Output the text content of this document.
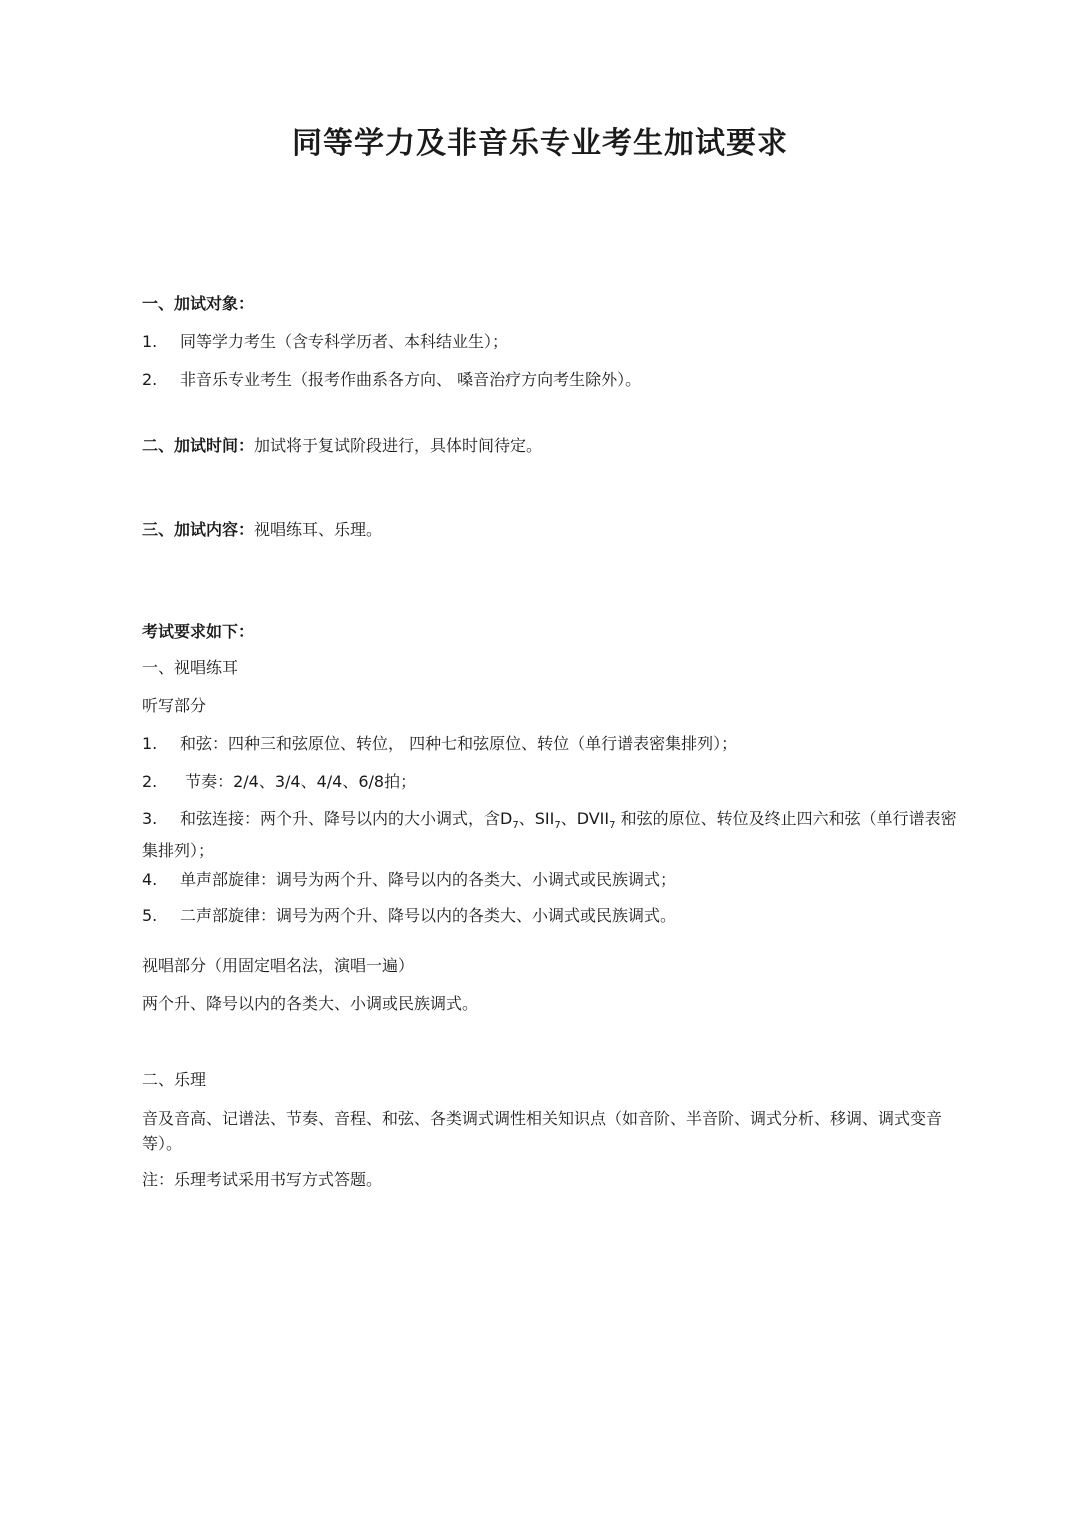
同等学力及非音乐专业考生加试要求
一、加试对象：
1. 同等学力考生（含专科学历者、本科结业生）；
2. 非音乐专业考生（报考作曲系各方向、 嗓音治疗方向考生除外）。
二、加试时间：加试将于复试阶段进行，具体时间待定。
三、加试内容：视唱练耳、乐理。
考试要求如下：
一、视唱练耳
听写部分
1. 和弦：四种三和弦原位、转位， 四种七和弦原位、转位（单行谱表密集排列）；
2. 节奏：2/4、3/4、4/4、6/8拍；
3. 和弦连接：两个升、降号以内的大小调式，含$D_7$、$SII_7$、$DVII_7$ 和弦的原位、转位及终止四六和弦（单行谱表密集排列）；
4. 单声部旋律：调号为两个升、降号以内的各类大、小调式或民族调式；
5. 二声部旋律：调号为两个升、降号以内的各类大、小调式或民族调式。
视唱部分（用固定唱名法，演唱一遍）
两个升、降号以内的各类大、小调或民族调式。
二、乐理
音及音高、记谱法、节奏、音程、和弦、各类调式调性相关知识点（如音阶、半音阶、调式分析、移调、调式变音等）。
注：乐理考试采用书写方式答题。
